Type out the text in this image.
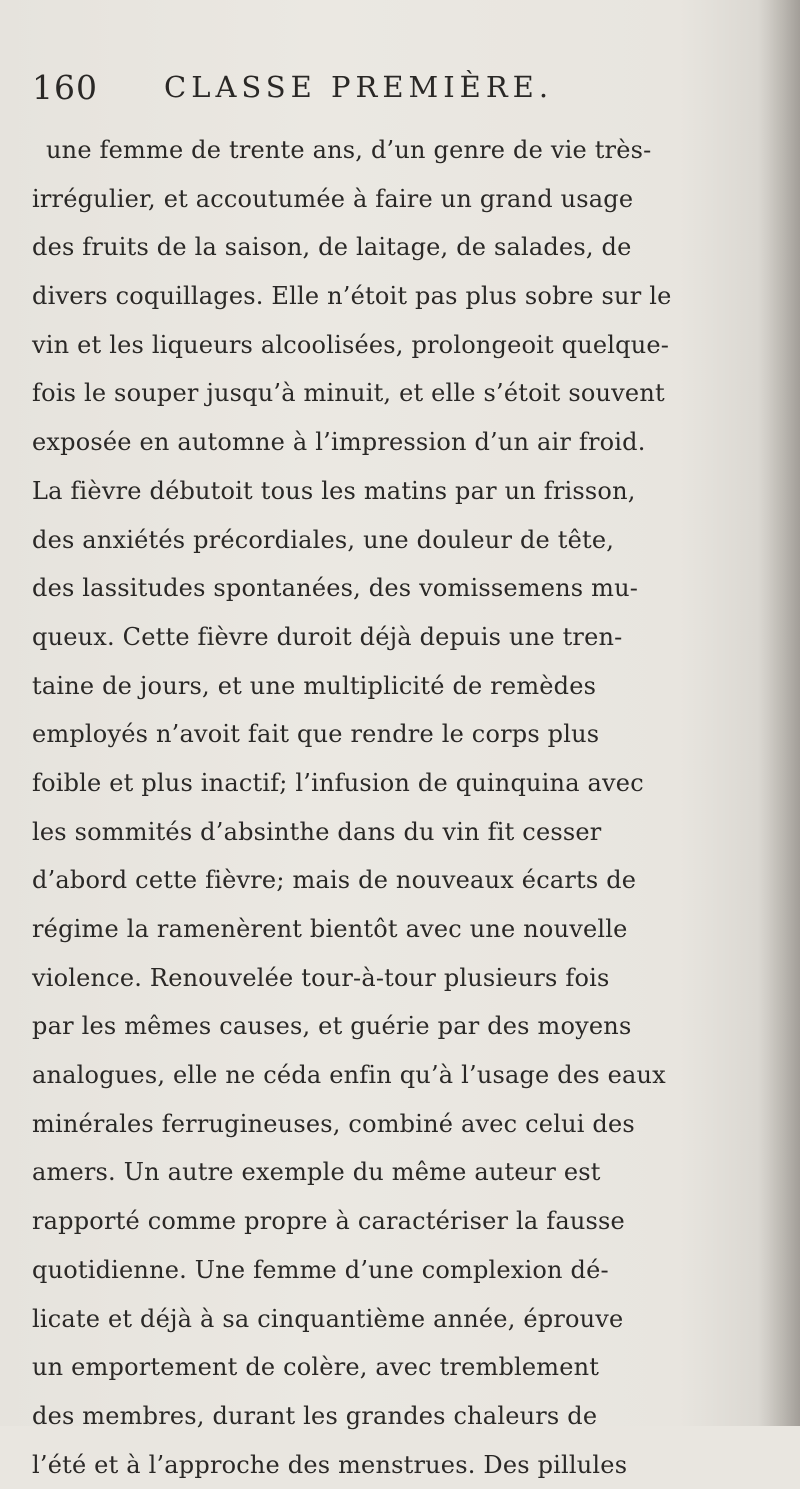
160 CLASSE PREMIÈRE.
une femme de trente ans, d’un genre de vie très-
irrégulier, et accoutumée à faire un grand usage
des fruits de la saison, de laitage, de salades, de
divers coquillages. Elle n’étoit pas plus sobre sur le
vin et les liqueurs alcoolisées, prolongeoit quelque-
fois le souper jusqu’à minuit, et elle s’étoit souvent
exposée en automne à l’impression d’un air froid.
La fièvre débutoit tous les matins par un frisson,
des anxiétés précordiales, une douleur de tête,
des lassitudes spontanées, des vomissemens mu-
queux. Cette fièvre duroit déjà depuis une tren-
taine de jours, et une multiplicité de remèdes
employés n’avoit fait que rendre le corps plus
foible et plus inactif; l’infusion de quinquina avec
les sommités d’absinthe dans du vin fit cesser
d’abord cette fièvre; mais de nouveaux écarts de
régime la ramenèrent bientôt avec une nouvelle
violence. Renouvelée tour-à-tour plusieurs fois
par les mêmes causes, et guérie par des moyens
analogues, elle ne céda enfin qu’à l’usage des eaux
minérales ferrugineuses, combiné avec celui des
amers. Un autre exemple du même auteur est
rapporté comme propre à caractériser la fausse
quotidienne. Une femme d’une complexion dé-
licate et déjà à sa cinquantième année, éprouve
un emportement de colère, avec tremblement
des membres, durant les grandes chaleurs de
l’été et à l’approche des menstrues. Des pillules
